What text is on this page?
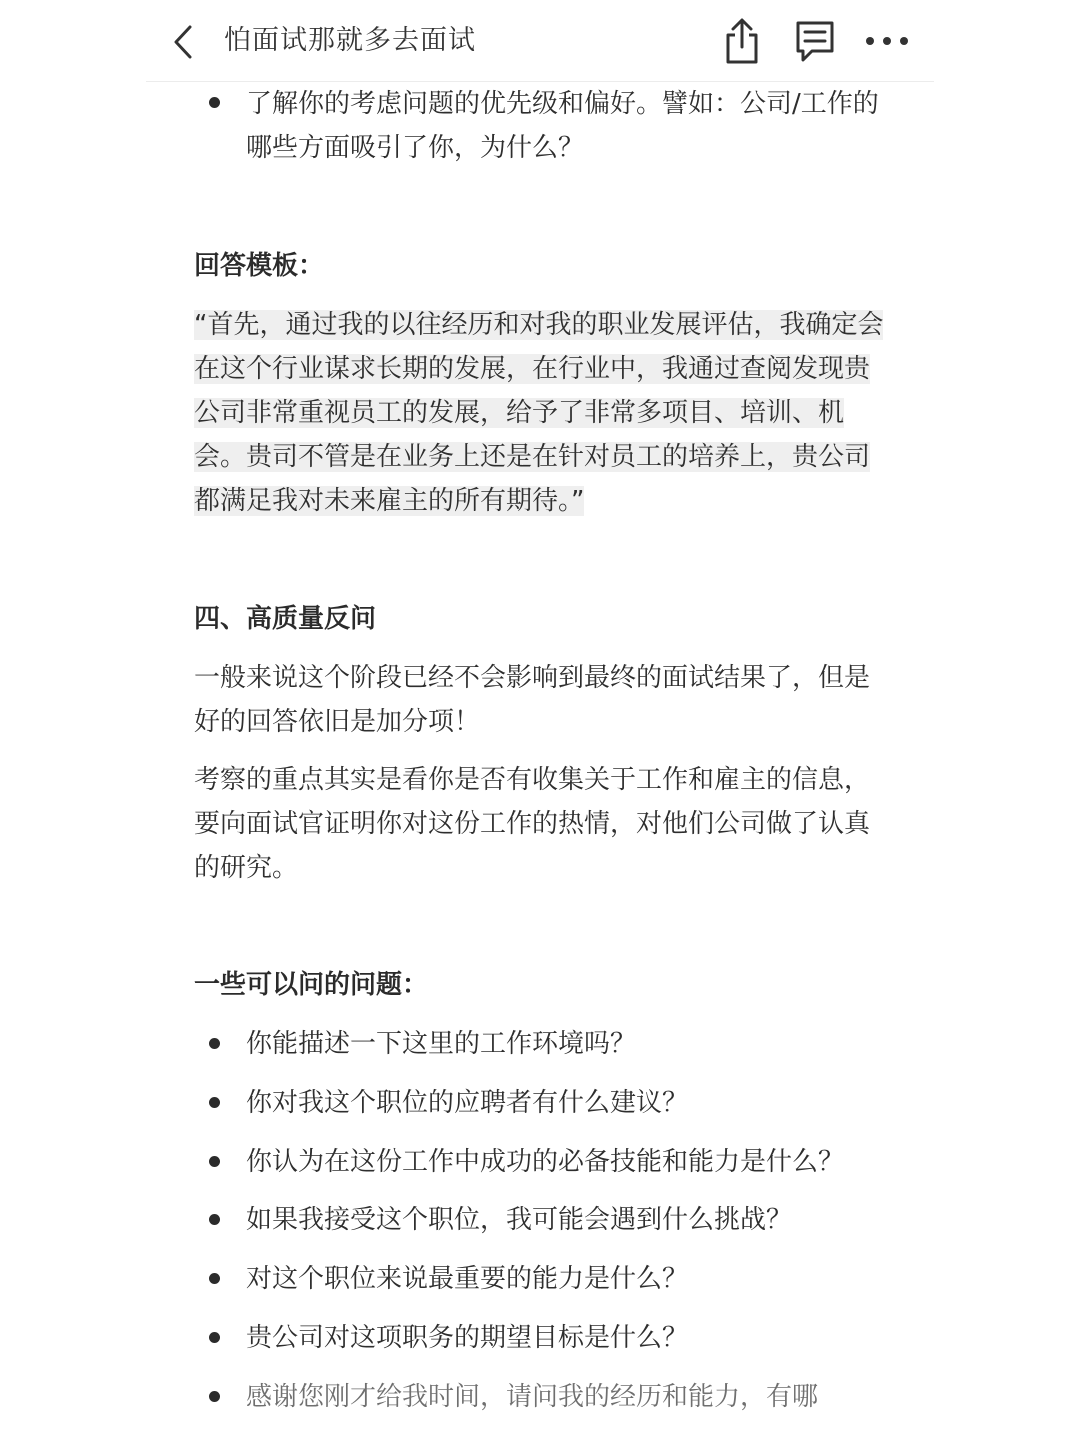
怕面试那就多去面试
了解你的考虑问题的优先级和偏好。譬如：公司/工作的哪些方面吸引了你，为什么？
回答模板：
“首先，通过我的以往经历和对我的职业发展评估，我确定会在这个行业谋求长期的发展，在行业中，我通过查阅发现贵公司非常重视员工的发展，给予了非常多项目、培训、机会。贵司不管是在业务上还是在针对员工的培养上，贵公司都满足我对未来雇主的所有期待。”
四、高质量反问
一般来说这个阶段已经不会影响到最终的面试结果了，但是好的回答依旧是加分项！
考察的重点其实是看你是否有收集关于工作和雇主的信息，要向面试官证明你对这份工作的热情，对他们公司做了认真的研究。
一些可以问的问题：
你能描述一下这里的工作环境吗？
你对我这个职位的应聘者有什么建议？
你认为在这份工作中成功的必备技能和能力是什么？
如果我接受这个职位，我可能会遇到什么挑战？
对这个职位来说最重要的能力是什么？
贵公司对这项职务的期望目标是什么？
感谢您刚才给我时间，请问我的经历和能力，有哪
